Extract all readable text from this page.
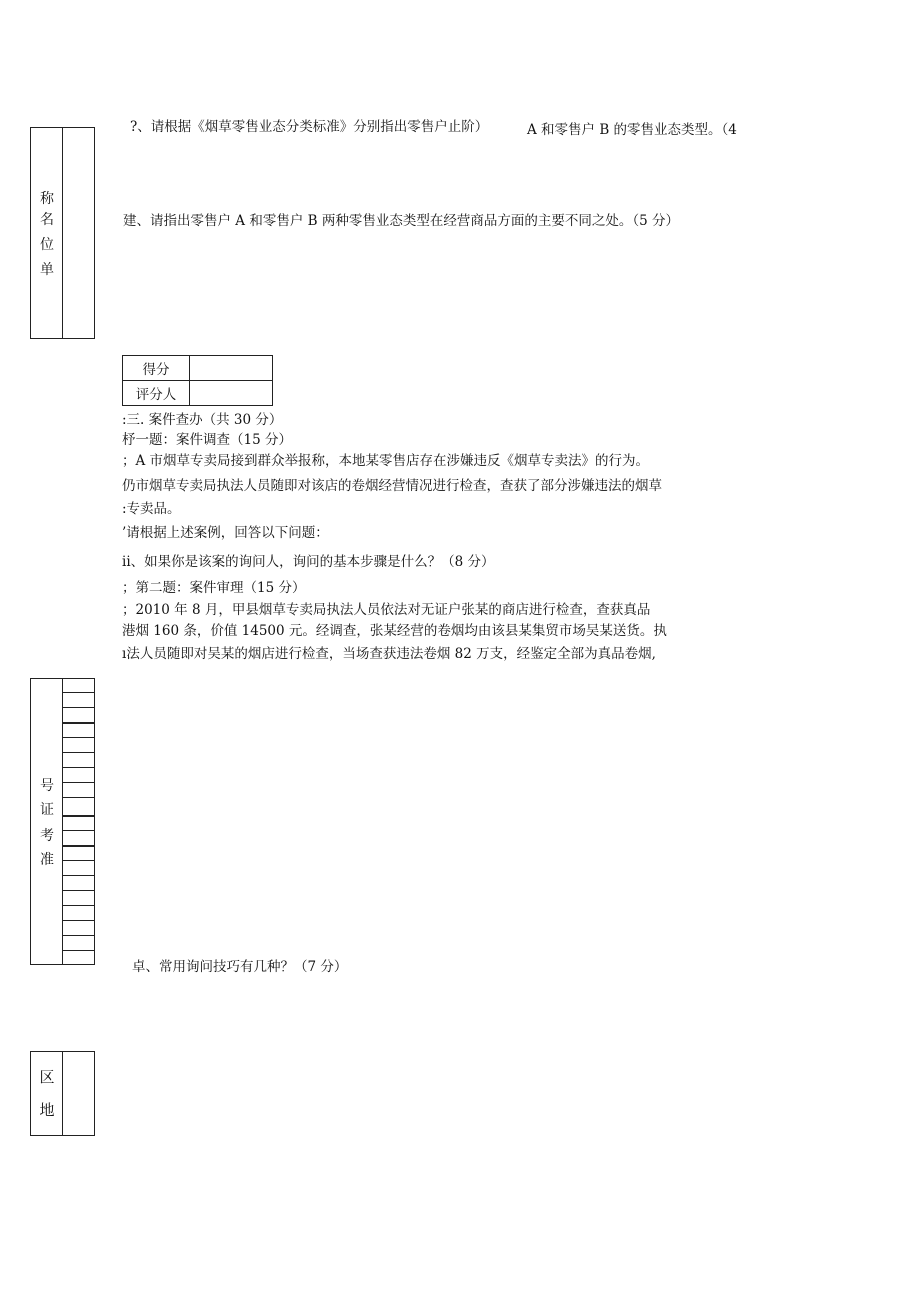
称
名
位
单
号
证
考
准
区
地
?、请根据《烟草零售业态分类标准》分别指出零售户止阶）	A 和零售户 B 的零售业态类型。（4
建、请指出零售户 A 和零售户 B 两种零售业态类型在经营商品方面的主要不同之处。（5 分）
得分	
评分人	
:三. 案件查办（共 30 分）
杼一题：案件调查（15 分）
；A 市烟草专卖局接到群众举报称，本地某零售店存在涉嫌违反《烟草专卖法》的行为。
仍市烟草专卖局执法人员随即对该店的卷烟经营情况进行检查，查获了部分涉嫌违法的烟草
:专卖品。
’请根据上述案例，回答以下问题：
ii、如果你是该案的询问人，询问的基本步骤是什么？（8 分）
；第二题：案件审理（15 分）
；2010 年 8 月，甲县烟草专卖局执法人员依法对无证户张某的商店进行检查，查获真品
港烟 160 条，价值 14500 元。经调查，张某经营的卷烟均由该县某集贸市场吴某送货。执
ı法人员随即对吴某的烟店进行检查，当场查获违法卷烟 82 万支，经鉴定全部为真品卷烟,
卓、常用询问技巧有几种？（7 分）
